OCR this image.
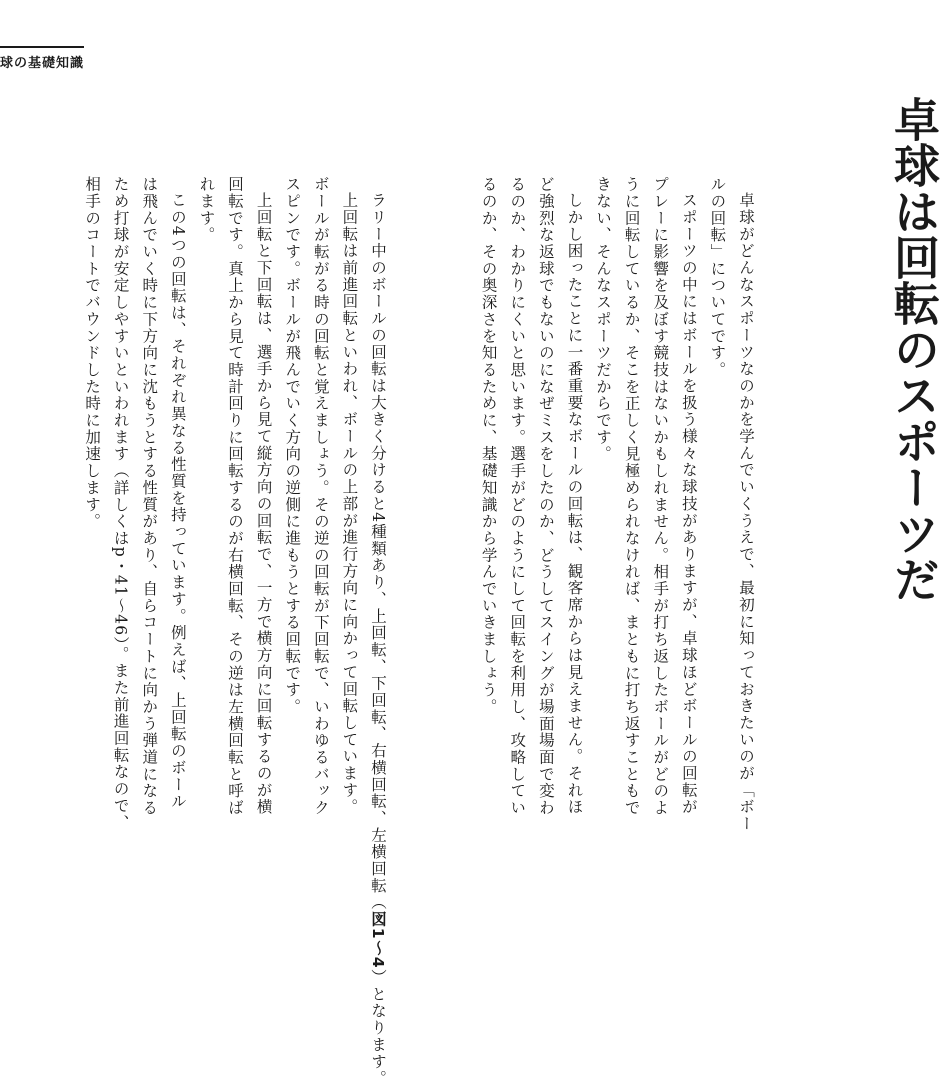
球の基礎知識
卓球は回転のスポーツだ

卓球がどんなスポーツなのかを学んでいくうえで、最初に知っておきたいのが「ボー

ルの回転」についてです。

スポーツの中にはボールを扱う様々な球技がありますが、卓球ほどボールの回転が

プレーに影響を及ぼす競技はないかもしれません。相手が打ち返したボールがどのよ

うに回転しているか、そこを正しく見極められなければ、まともに打ち返すこともで

きない、そんなスポーツだからです。

しかし困ったことに一番重要なボールの回転は、観客席からは見えません。それほ

ど強烈な返球でもないのになぜミスをしたのか、どうしてスイングが場面場面で変わ

るのか、わかりにくいと思います。選手がどのようにして回転を利用し、攻略してい

るのか、その奥深さを知るために、基礎知識から学んでいきましょう。

ラリー中のボールの回転は大きく分けると4種類あり、上回転、下回転、右横回転、左横回転（図1〜4）となります。

上回転は前進回転といわれ、ボールの上部が進行方向に向かって回転しています。

ボールが転がる時の回転と覚えましょう。その逆の回転が下回転で、いわゆるバック

スピンです。ボールが飛んでいく方向の逆側に進もうとする回転です。

上回転と下回転は、選手から見て縦方向の回転で、一方で横方向に回転するのが横

回転です。真上から見て時計回りに回転するのが右横回転、その逆は左横回転と呼ば

れます。

この4つの回転は、それぞれ異なる性質を持っています。例えば、上回転のボール

は飛んでいく時に下方向に沈もうとする性質があり、自らコートに向かう弾道になる

ため打球が安定しやすいといわれます（詳しくはp・41〜46）。また前進回転なので、

相手のコートでバウンドした時に加速します。
